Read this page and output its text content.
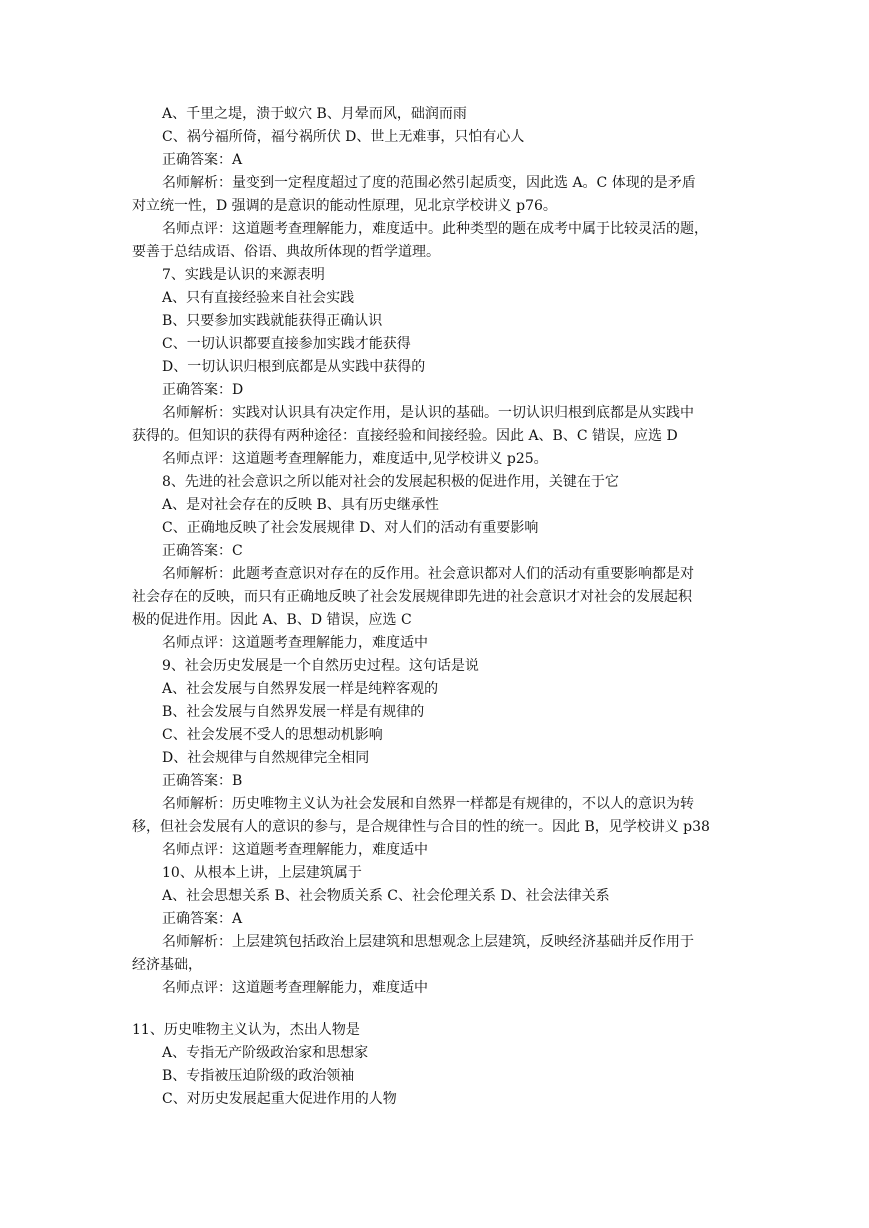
A、千里之堤，溃于蚁穴 B、月晕而风，础润而雨
C、祸兮福所倚，福兮祸所伏 D、世上无难事，只怕有心人
正确答案：A
名师解析：量变到一定程度超过了度的范围必然引起质变，因此选 A。C 体现的是矛盾
对立统一性，D 强调的是意识的能动性原理，见北京学校讲义 p76。
名师点评：这道题考查理解能力，难度适中。此种类型的题在成考中属于比较灵活的题，
要善于总结成语、俗语、典故所体现的哲学道理。
7、实践是认识的来源表明
A、只有直接经验来自社会实践
B、只要参加实践就能获得正确认识
C、一切认识都要直接参加实践才能获得
D、一切认识归根到底都是从实践中获得的
正确答案：D
名师解析：实践对认识具有决定作用，是认识的基础。一切认识归根到底都是从实践中
获得的。但知识的获得有两种途径：直接经验和间接经验。因此 A、B、C 错误，应选 D
名师点评：这道题考查理解能力，难度适中,见学校讲义 p25。
8、先进的社会意识之所以能对社会的发展起积极的促进作用，关键在于它
A、是对社会存在的反映 B、具有历史继承性
C、正确地反映了社会发展规律 D、对人们的活动有重要影响
正确答案：C
名师解析：此题考查意识对存在的反作用。社会意识都对人们的活动有重要影响都是对
社会存在的反映，而只有正确地反映了社会发展规律即先进的社会意识才对社会的发展起积
极的促进作用。因此 A、B、D 错误，应选 C
名师点评：这道题考查理解能力，难度适中
9、社会历史发展是一个自然历史过程。这句话是说
A、社会发展与自然界发展一样是纯粹客观的
B、社会发展与自然界发展一样是有规律的
C、社会发展不受人的思想动机影响
D、社会规律与自然规律完全相同
正确答案：B
名师解析：历史唯物主义认为社会发展和自然界一样都是有规律的，不以人的意识为转
移，但社会发展有人的意识的参与，是合规律性与合目的性的统一。因此 B，见学校讲义 p38
名师点评：这道题考查理解能力，难度适中
10、从根本上讲，上层建筑属于
A、社会思想关系 B、社会物质关系 C、社会伦理关系 D、社会法律关系
正确答案：A
名师解析：上层建筑包括政治上层建筑和思想观念上层建筑，反映经济基础并反作用于
经济基础，
名师点评：这道题考查理解能力，难度适中
11、历史唯物主义认为，杰出人物是
A、专指无产阶级政治家和思想家
B、专指被压迫阶级的政治领袖
C、对历史发展起重大促进作用的人物
